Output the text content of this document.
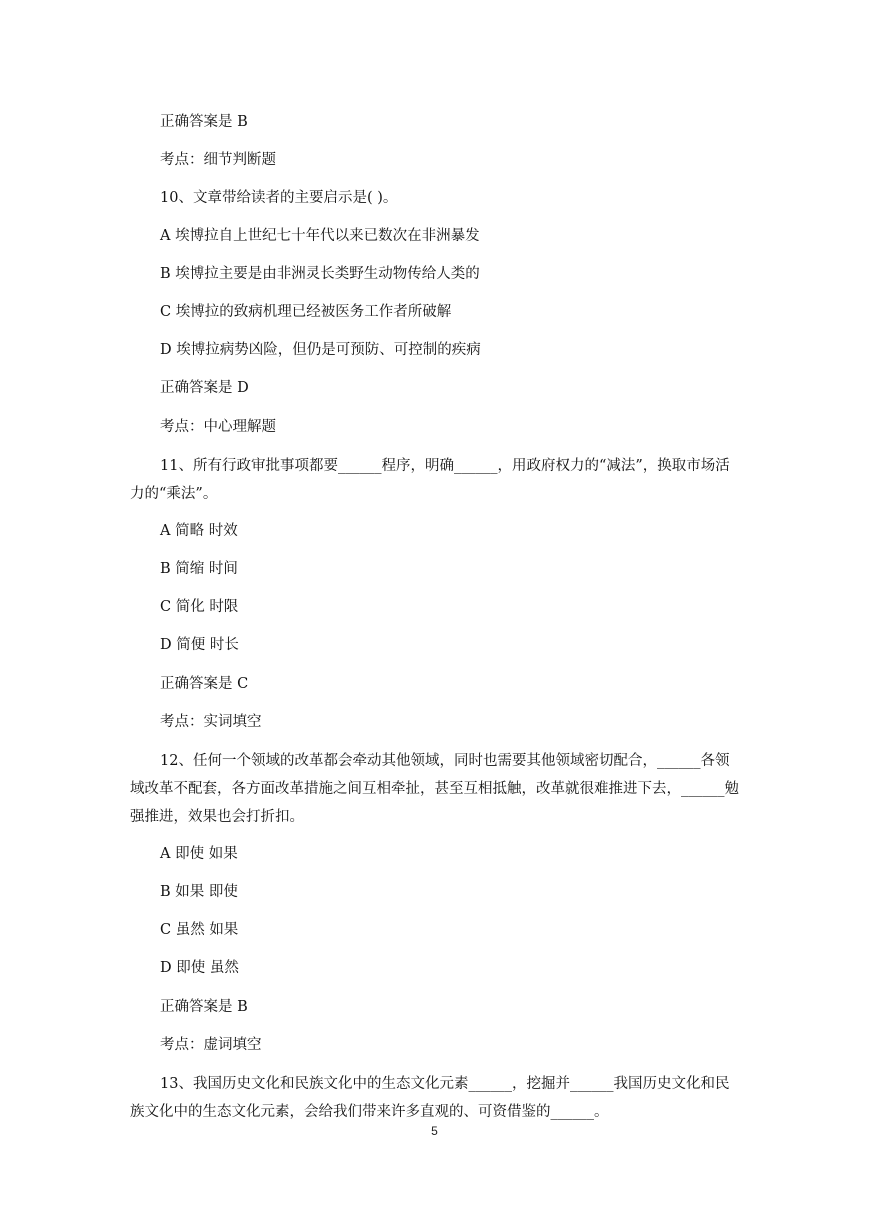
正确答案是 B
考点：细节判断题
10、文章带给读者的主要启示是( )。
A 埃博拉自上世纪七十年代以来已数次在非洲暴发
B 埃博拉主要是由非洲灵长类野生动物传给人类的
C 埃博拉的致病机理已经被医务工作者所破解
D 埃博拉病势凶险，但仍是可预防、可控制的疾病
正确答案是 D
考点：中心理解题
11、所有行政审批事项都要______程序，明确______，用政府权力的“减法”，换取市场活力的“乘法”。
A 简略 时效
B 简缩 时间
C 简化 时限
D 简便 时长
正确答案是 C
考点：实词填空
12、任何一个领域的改革都会牵动其他领域，同时也需要其他领域密切配合，______各领域改革不配套，各方面改革措施之间互相牵扯，甚至互相抵触，改革就很难推进下去，______勉强推进，效果也会打折扣。
A 即使 如果
B 如果 即使
C 虽然 如果
D 即使 虽然
正确答案是 B
考点：虚词填空
13、我国历史文化和民族文化中的生态文化元素______，挖掘并______我国历史文化和民族文化中的生态文化元素，会给我们带来许多直观的、可资借鉴的______。
5
